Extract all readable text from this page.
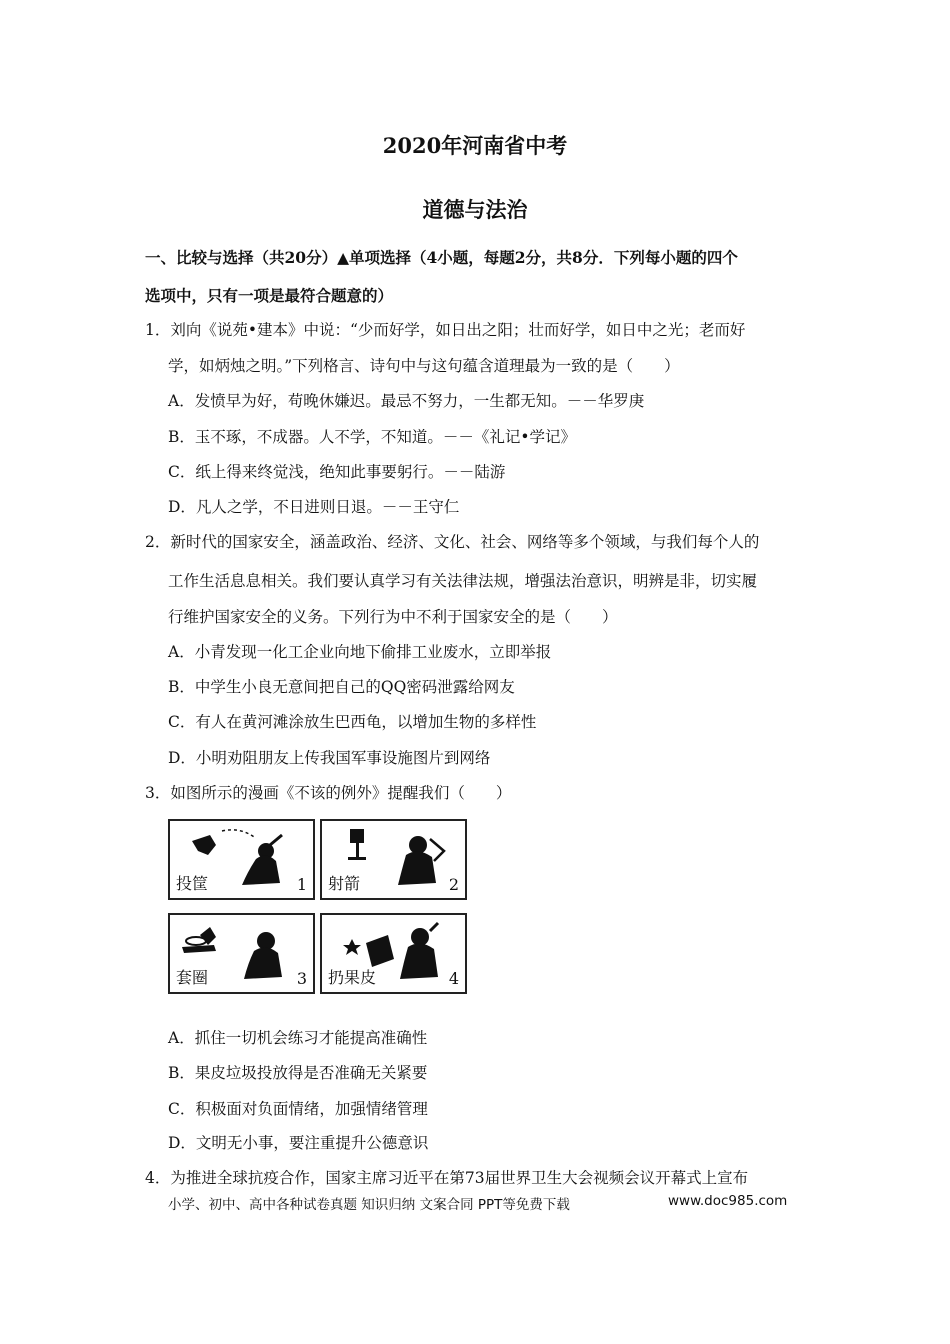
2020年河南省中考
道德与法治
一、比较与选择（共20分）▲单项选择（4小题，每题2分，共8分．下列每小题的四个
选项中，只有一项是最符合题意的）
1．刘向《说苑•建本》中说：“少而好学，如日出之阳；壮而好学，如日中之光；老而好
学，如炳烛之明。”下列格言、诗句中与这句蕴含道理最为一致的是（　　）
A．发愤早为好，苟晚休嫌迟。最忌不努力，一生都无知。－－华罗庚
B．玉不琢，不成器。人不学，不知道。－－《礼记•学记》
C．纸上得来终觉浅，绝知此事要躬行。－－陆游
D．凡人之学，不日进则日退。－－王守仁
2．新时代的国家安全，涵盖政治、经济、文化、社会、网络等多个领域，与我们每个人的
工作生活息息相关。我们要认真学习有关法律法规，增强法治意识，明辨是非，切实履
行维护国家安全的义务。下列行为中不利于国家安全的是（　　）
A．小青发现一化工企业向地下偷排工业废水，立即举报
B．中学生小良无意间把自己的QQ密码泄露给网友
C．有人在黄河滩涂放生巴西龟，以增加生物的多样性
D．小明劝阻朋友上传我国军事设施图片到网络
3．如图所示的漫画《不该的例外》提醒我们（　　）
投筐	1 射箭	2
套圈	3 扔果皮	4
A．抓住一切机会练习才能提高准确性
B．果皮垃圾投放得是否准确无关紧要
C．积极面对负面情绪，加强情绪管理
D．文明无小事，要注重提升公德意识
4．为推进全球抗疫合作，国家主席习近平在第73届世界卫生大会视频会议开幕式上宣布
小学、初中、高中各种试卷真题 知识归纳 文案合同 PPT等免费下载	www.doc985.com
